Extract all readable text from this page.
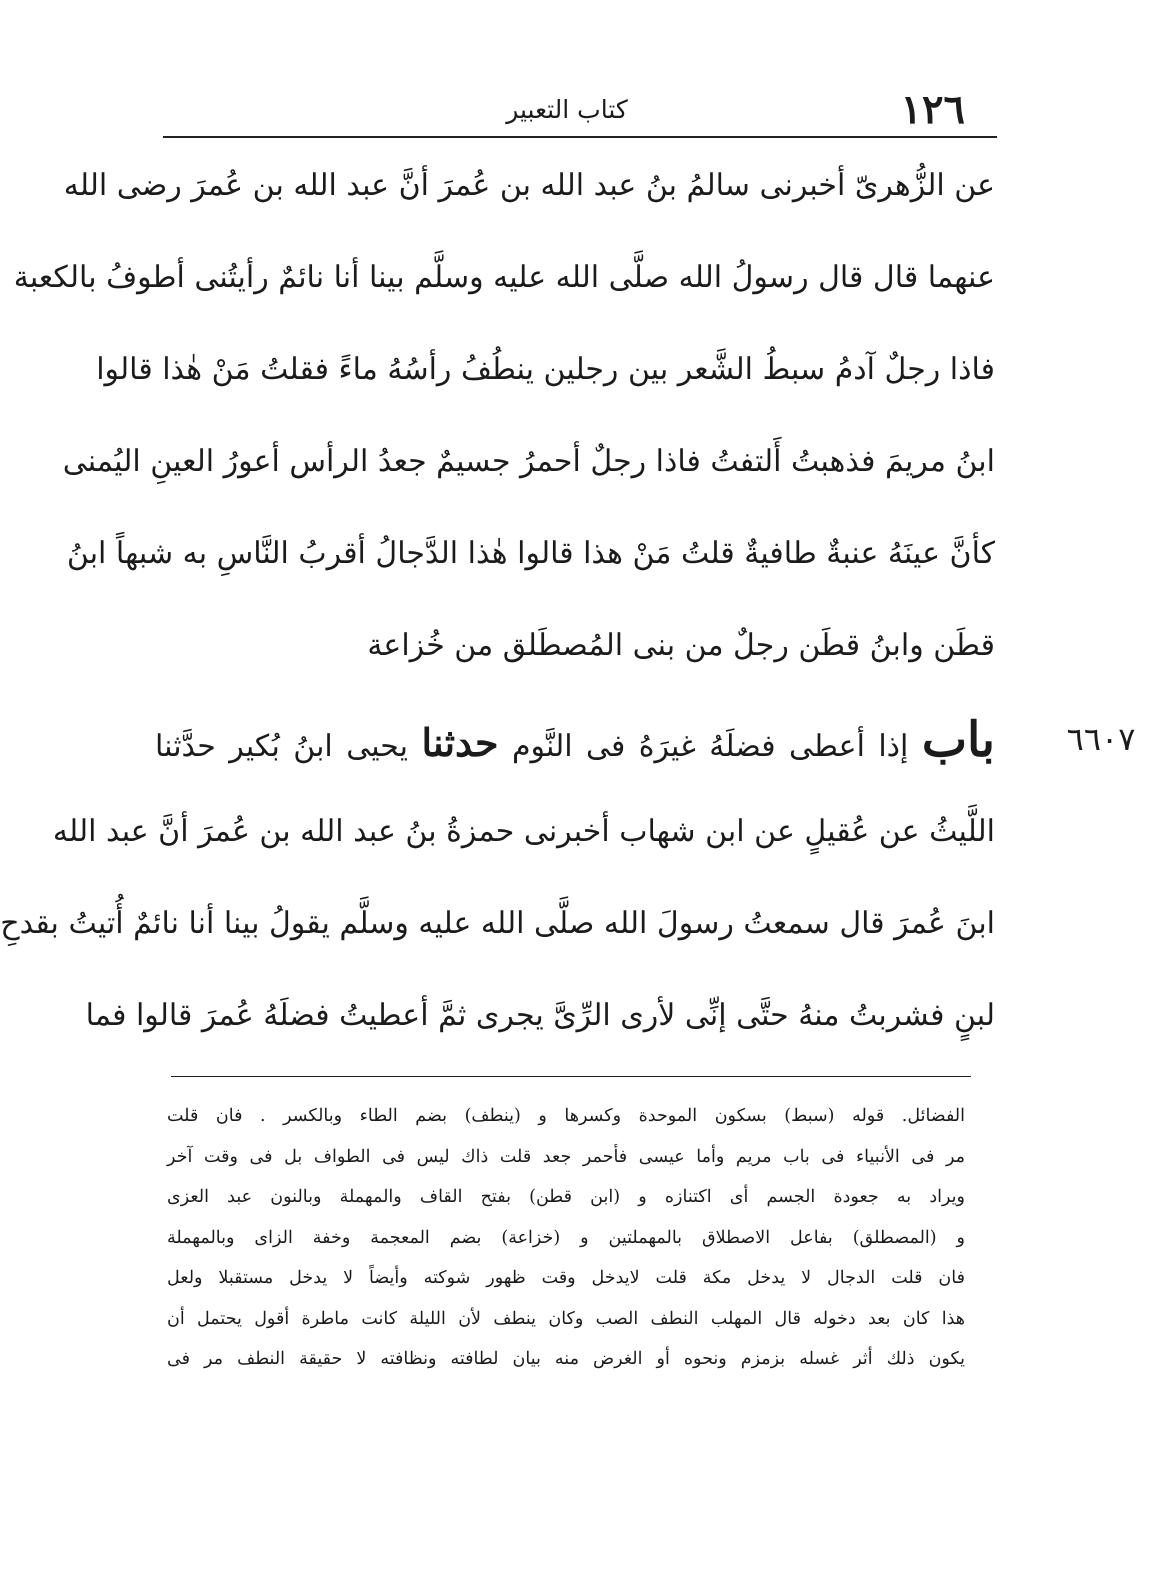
١٢٦
كتاب التعبير
عن الزُّهرىّ أخبرنى سالمُ بنُ عبد الله بن عُمرَ أنَّ عبد الله بن عُمرَ رضى الله
عنهما قال قال رسولُ الله صلَّى الله عليه وسلَّم بينا أنا نائمٌ رأيتُنى أطوفُ بالكعبة
فاذا رجلٌ آدمُ سبطُ الشَّعر بين رجلين ينطُفُ رأسُهُ ماءً فقلتُ مَنْ هٰذا قالوا
ابنُ مريمَ فذهبتُ أَلتفتُ فاذا رجلٌ أحمرُ جسيمٌ جعدُ الرأس أعورُ العينِ اليُمنى
كأنَّ عينَهُ عنبةٌ طافيةٌ قلتُ مَنْ هذا قالوا هٰذا الدَّجالُ أقربُ النَّاسِ به شبهاً ابنُ
قطَن وابنُ قطَن رجلٌ من بنى المُصطَلق من خُزاعة
٦٦٠٧
باب إذا أعطى فضلَهُ غيرَهُ فى النَّوم حدثنا يحيى ابنُ بُكير حدَّثنا
اللَّيثُ عن عُقيلٍ عن ابن شهاب أخبرنى حمزةُ بنُ عبد الله بن عُمرَ أنَّ عبد الله
ابنَ عُمرَ قال سمعتُ رسولَ الله صلَّى الله عليه وسلَّم يقولُ بينا أنا نائمٌ أُتيتُ بقدحِ
لبنٍ فشربتُ منهُ حتَّى إنِّى لأرى الرِّىَّ يجرى ثمَّ أعطيتُ فضلَهُ عُمرَ قالوا فما
الفضائل. قوله (سبط) بسكون الموحدة وكسرها و (ينطف) بضم الطاء وبالكسر . فان قلت
مر فى الأنبياء فى باب مريم وأما عيسى فأحمر جعد قلت ذاك ليس فى الطواف بل فى وقت آخر
ويراد به جعودة الجسم أى اكتنازه و (ابن قطن) بفتح القاف والمهملة وبالنون عبد العزى
و (المصطلق) بفاعل الاصطلاق بالمهملتين و (خزاعة) بضم المعجمة وخفة الزاى وبالمهملة
فان قلت الدجال لا يدخل مكة قلت لايدخل وقت ظهور شوكته وأيضاً لا يدخل مستقبلا ولعل
هذا كان بعد دخوله قال المهلب النطف الصب وكان ينطف لأن الليلة كانت ماطرة أقول يحتمل أن
يكون ذلك أثر غسله بزمزم ونحوه أو الغرض منه بيان لطافته ونظافته لا حقيقة النطف مر فى
